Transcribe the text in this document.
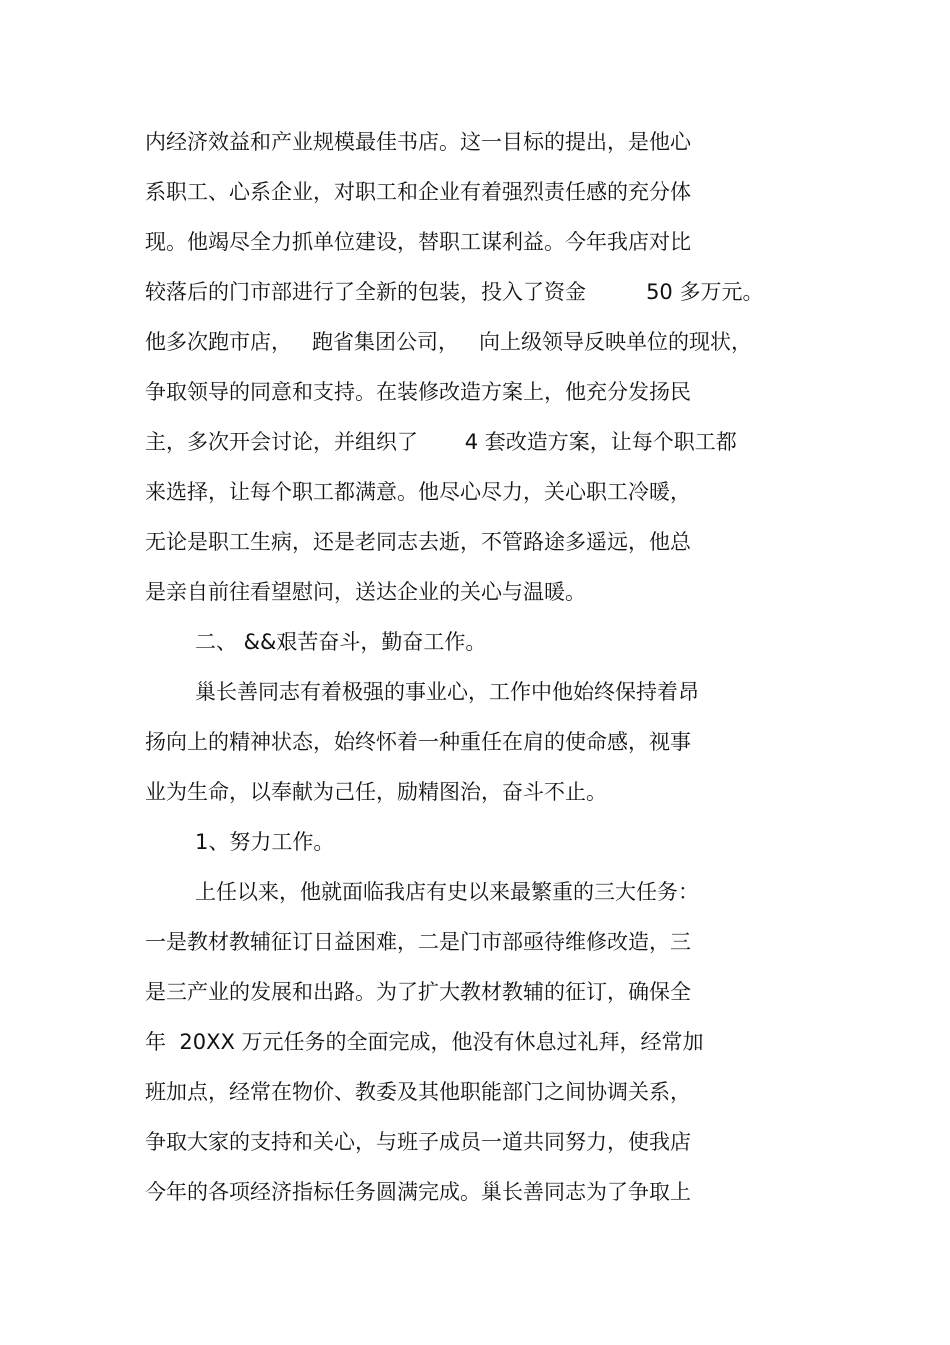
内经济效益和产业规模最佳书店。这一目标的提出，是他心
系职工、心系企业，对职工和企业有着强烈责任感的充分体
现。他竭尽全力抓单位建设，替职工谋利益。今年我店对比
较落后的门市部进行了全新的包装，投入了资金         50 多万元。
他多次跑市店，   跑省集团公司，   向上级领导反映单位的现状，
争取领导的同意和支持。在装修改造方案上，他充分发扬民
主，多次开会讨论，并组织了       4 套改造方案，让每个职工都
来选择，让每个职工都满意。他尽心尽力，关心职工冷暖，
无论是职工生病，还是老同志去逝，不管路途多遥远，他总
是亲自前往看望慰问，送达企业的关心与温暖。
二、 &&艰苦奋斗，勤奋工作。
巢长善同志有着极强的事业心，工作中他始终保持着昂
扬向上的精神状态，始终怀着一种重任在肩的使命感，视事
业为生命，以奉献为己任，励精图治，奋斗不止。
1、努力工作。
上任以来，他就面临我店有史以来最繁重的三大任务：
一是教材教辅征订日益困难，二是门市部亟待维修改造，三
是三产业的发展和出路。为了扩大教材教辅的征订，确保全
年  20XX 万元任务的全面完成，他没有休息过礼拜，经常加
班加点，经常在物价、教委及其他职能部门之间协调关系，
争取大家的支持和关心，与班子成员一道共同努力，使我店
今年的各项经济指标任务圆满完成。巢长善同志为了争取上
